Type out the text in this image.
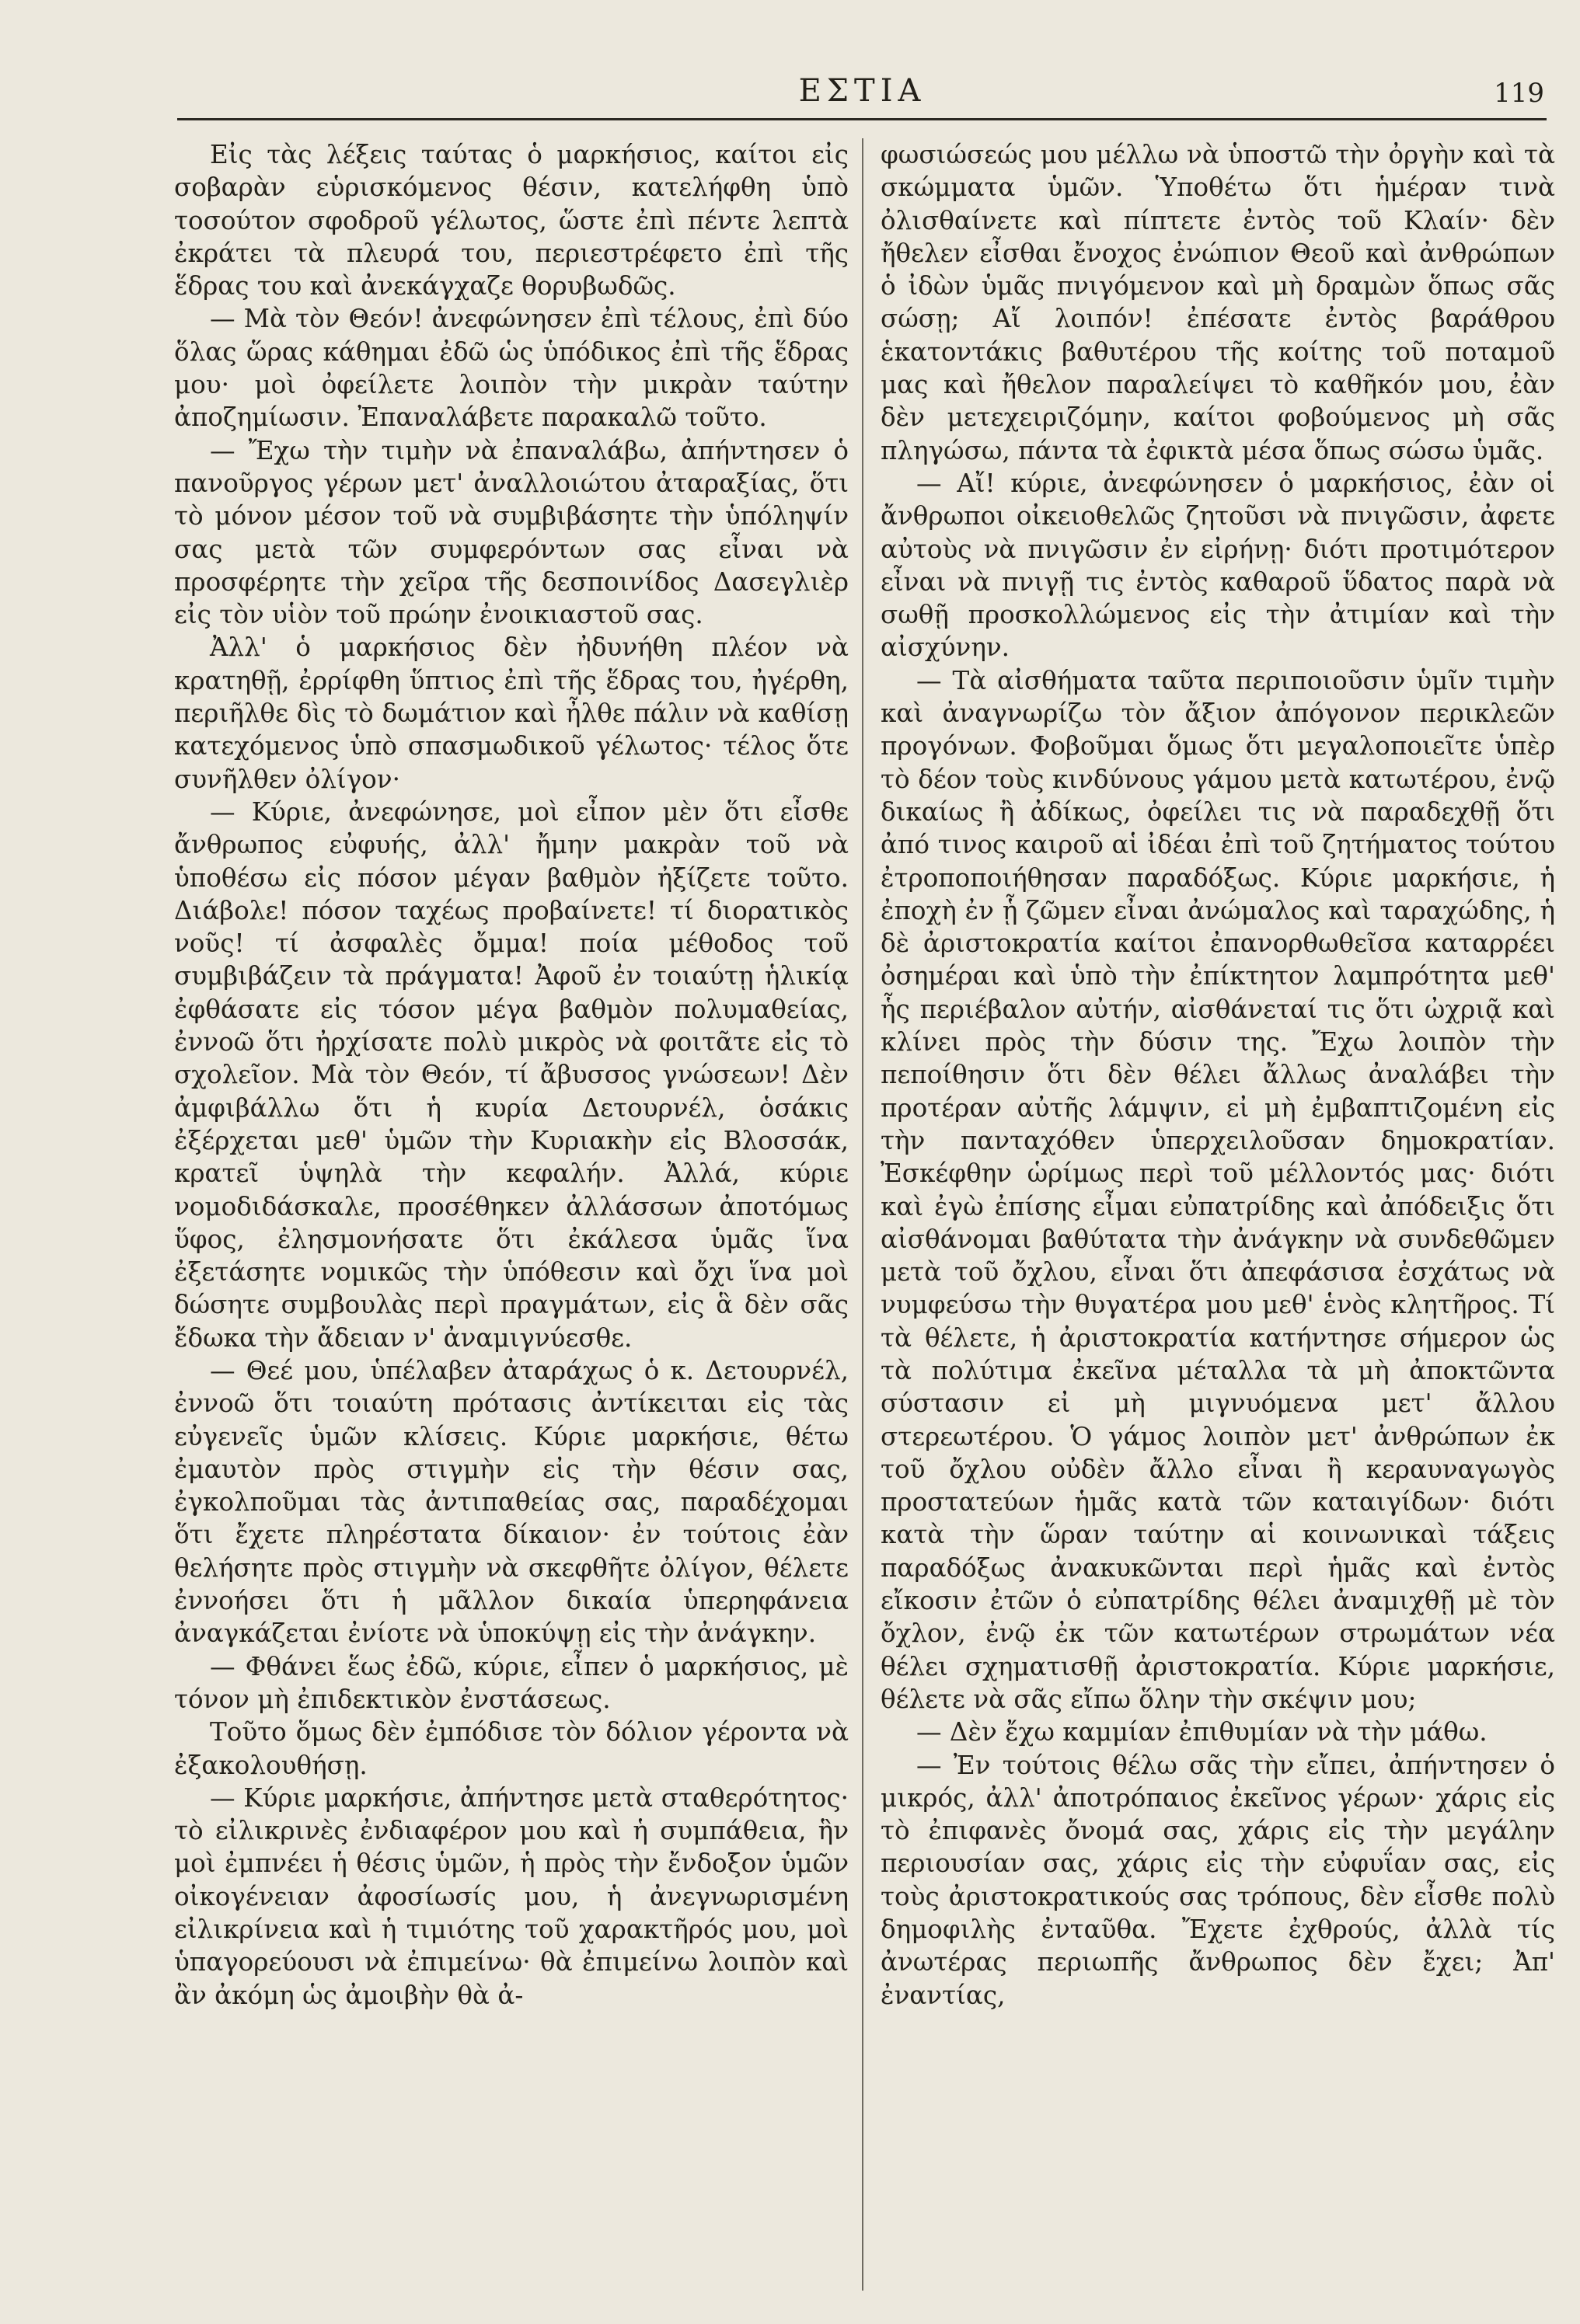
ΕΣΤΙΑ	119

Εἰς τὰς λέξεις ταύτας ὁ μαρκήσιος, καίτοι εἰς σοβαρὰν εὑρισκόμενος θέσιν, κατελήφθη ὑπὸ τοσούτον σφοδροῦ γέλωτος, ὥστε ἐπὶ πέντε λεπτὰ ἐκράτει τὰ πλευρά του, περιεστρέφετο ἐπὶ τῆς ἕδρας του καὶ ἀνεκάγχαζε θορυβωδῶς.

— Μὰ τὸν Θεόν! ἀνεφώνησεν ἐπὶ τέλους, ἐπὶ δύο ὅλας ὥρας κάθημαι ἐδῶ ὡς ὑπόδικος ἐπὶ τῆς ἕδρας μου· μοὶ ὀφείλετε λοιπὸν τὴν μικρὰν ταύτην ἀποζημίωσιν. Ἐπαναλάβετε παρακαλῶ τοῦτο.

— Ἔχω τὴν τιμὴν νὰ ἐπαναλάβω, ἀπήντησεν ὁ πανοῦργος γέρων μετ' ἀναλλοιώτου ἀταραξίας, ὅτι τὸ μόνον μέσον τοῦ νὰ συμβιβάσητε τὴν ὑπόληψίν σας μετὰ τῶν συμφερόντων σας εἶναι νὰ προσφέρητε τὴν χεῖρα τῆς δεσποινίδος Δασεγλιὲρ εἰς τὸν υἱὸν τοῦ πρώην ἐνοικιαστοῦ σας.

Ἀλλ' ὁ μαρκήσιος δὲν ἠδυνήθη πλέον νὰ κρατηθῇ, ἐρρίφθη ὕπτιος ἐπὶ τῆς ἕδρας του, ἠγέρθη, περιῆλθε δὶς τὸ δωμάτιον καὶ ἦλθε πάλιν νὰ καθίσῃ κατεχόμενος ὑπὸ σπασμωδικοῦ γέλωτος· τέλος ὅτε συνῆλθεν ὀλίγον·

— Κύριε, ἀνεφώνησε, μοὶ εἶπον μὲν ὅτι εἶσθε ἄνθρωπος εὐφυής, ἀλλ' ἤμην μακρὰν τοῦ νὰ ὑποθέσω εἰς πόσον μέγαν βαθμὸν ἠξίζετε τοῦτο. Διάβολε! πόσον ταχέως προβαίνετε! τί διορατικὸς νοῦς! τί ἀσφαλὲς ὄμμα! ποία μέθοδος τοῦ συμβιβάζειν τὰ πράγματα! Ἀφοῦ ἐν τοιαύτῃ ἡλικίᾳ ἐφθάσατε εἰς τόσον μέγα βαθμὸν πολυμαθείας, ἐννοῶ ὅτι ἠρχίσατε πολὺ μικρὸς νὰ φοιτᾶτε εἰς τὸ σχολεῖον. Μὰ τὸν Θεόν, τί ἄβυσσος γνώσεων! Δὲν ἀμφιβάλλω ὅτι ἡ κυρία Δετουρνέλ, ὁσάκις ἐξέρχεται μεθ' ὑμῶν τὴν Κυριακὴν εἰς Βλοσσάκ, κρατεῖ ὑψηλὰ τὴν κεφαλήν. Ἀλλά, κύριε νομοδιδάσκαλε, προσέθηκεν ἀλλάσσων ἀποτόμως ὕφος, ἐλησμονήσατε ὅτι ἐκάλεσα ὑμᾶς ἵνα ἐξετάσητε νομικῶς τὴν ὑπόθεσιν καὶ ὄχι ἵνα μοὶ δώσητε συμβουλὰς περὶ πραγμάτων, εἰς ἃ δὲν σᾶς ἔδωκα τὴν ἄδειαν ν' ἀναμιγνύεσθε.

— Θεέ μου, ὑπέλαβεν ἀταράχως ὁ κ. Δετουρνέλ, ἐννοῶ ὅτι τοιαύτη πρότασις ἀντίκειται εἰς τὰς εὐγενεῖς ὑμῶν κλίσεις. Κύριε μαρκήσιε, θέτω ἐμαυτὸν πρὸς στιγμὴν εἰς τὴν θέσιν σας, ἐγκολποῦμαι τὰς ἀντιπαθείας σας, παραδέχομαι ὅτι ἔχετε πληρέστατα δίκαιον· ἐν τούτοις ἐὰν θελήσητε πρὸς στιγμὴν νὰ σκεφθῆτε ὀλίγον, θέλετε ἐννοήσει ὅτι ἡ μᾶλλον δικαία ὑπερηφάνεια ἀναγκάζεται ἐνίοτε νὰ ὑποκύψῃ εἰς τὴν ἀνάγκην.

— Φθάνει ἕως ἐδῶ, κύριε, εἶπεν ὁ μαρκήσιος, μὲ τόνον μὴ ἐπιδεκτικὸν ἐνστάσεως.

Τοῦτο ὅμως δὲν ἐμπόδισε τὸν δόλιον γέροντα νὰ ἐξακολουθήσῃ.

— Κύριε μαρκήσιε, ἀπήντησε μετὰ σταθερότητος· τὸ εἰλικρινὲς ἐνδιαφέρον μου καὶ ἡ συμπάθεια, ἣν μοὶ ἐμπνέει ἡ θέσις ὑμῶν, ἡ πρὸς τὴν ἔνδοξον ὑμῶν οἰκογένειαν ἀφοσίωσίς μου, ἡ ἀνεγνωρισμένη εἰλικρίνεια καὶ ἡ τιμιότης τοῦ χαρακτῆρός μου, μοὶ ὑπαγορεύουσι νὰ ἐπιμείνω· θὰ ἐπιμείνω λοιπὸν καὶ ἂν ἀκόμη ὡς ἀμοιβὴν θὰ ἀ-

φωσιώσεώς μου μέλλω νὰ ὑποστῶ τὴν ὀργὴν καὶ τὰ σκώμματα ὑμῶν. Ὑποθέτω ὅτι ἡμέραν τινὰ ὀλισθαίνετε καὶ πίπτετε ἐντὸς τοῦ Κλαίν· δὲν ἤθελεν εἶσθαι ἔνοχος ἐνώπιον Θεοῦ καὶ ἀνθρώπων ὁ ἰδὼν ὑμᾶς πνιγόμενον καὶ μὴ δραμὼν ὅπως σᾶς σώσῃ; Αἴ λοιπόν! ἐπέσατε ἐντὸς βαράθρου ἑκατοντάκις βαθυτέρου τῆς κοίτης τοῦ ποταμοῦ μας καὶ ἤθελον παραλείψει τὸ καθῆκόν μου, ἐὰν δὲν μετεχειριζόμην, καίτοι φοβούμενος μὴ σᾶς πληγώσω, πάντα τὰ ἐφικτὰ μέσα ὅπως σώσω ὑμᾶς.

— Αἴ! κύριε, ἀνεφώνησεν ὁ μαρκήσιος, ἐὰν οἱ ἄνθρωποι οἰκειοθελῶς ζητοῦσι νὰ πνιγῶσιν, ἀφετε αὐτοὺς νὰ πνιγῶσιν ἐν εἰρήνῃ· διότι προτιμότερον εἶναι νὰ πνιγῇ τις ἐντὸς καθαροῦ ὕδατος παρὰ νὰ σωθῇ προσκολλώμενος εἰς τὴν ἀτιμίαν καὶ τὴν αἰσχύνην.

— Τὰ αἰσθήματα ταῦτα περιποιοῦσιν ὑμῖν τιμὴν καὶ ἀναγνωρίζω τὸν ἄξιον ἀπόγονον περικλεῶν προγόνων. Φοβοῦμαι ὅμως ὅτι μεγαλοποιεῖτε ὑπὲρ τὸ δέον τοὺς κινδύνους γάμου μετὰ κατωτέρου, ἐνῷ δικαίως ἢ ἀδίκως, ὀφείλει τις νὰ παραδεχθῇ ὅτι ἀπό τινος καιροῦ αἱ ἰδέαι ἐπὶ τοῦ ζητήματος τούτου ἐτροποποιήθησαν παραδόξως. Κύριε μαρκήσιε, ἡ ἐποχὴ ἐν ᾗ ζῶμεν εἶναι ἀνώμαλος καὶ ταραχώδης, ἡ δὲ ἀριστοκρατία καίτοι ἐπανορθωθεῖσα καταρρέει ὀσημέραι καὶ ὑπὸ τὴν ἐπίκτητον λαμπρότητα μεθ' ἧς περιέβαλον αὐτήν, αἰσθάνεταί τις ὅτι ὠχριᾷ καὶ κλίνει πρὸς τὴν δύσιν της. Ἔχω λοιπὸν τὴν πεποίθησιν ὅτι δὲν θέλει ἄλλως ἀναλάβει τὴν προτέραν αὐτῆς λάμψιν, εἰ μὴ ἐμβαπτιζομένη εἰς τὴν πανταχόθεν ὑπερχειλοῦσαν δημοκρατίαν. Ἐσκέφθην ὡρίμως περὶ τοῦ μέλλοντός μας· διότι καὶ ἐγὼ ἐπίσης εἶμαι εὐπατρίδης καὶ ἀπόδειξις ὅτι αἰσθάνομαι βαθύτατα τὴν ἀνάγκην νὰ συνδεθῶμεν μετὰ τοῦ ὄχλου, εἶναι ὅτι ἀπεφάσισα ἐσχάτως νὰ νυμφεύσω τὴν θυγατέρα μου μεθ' ἑνὸς κλητῆρος. Τί τὰ θέλετε, ἡ ἀριστοκρατία κατήντησε σήμερον ὡς τὰ πολύτιμα ἐκεῖνα μέταλλα τὰ μὴ ἀποκτῶντα σύστασιν εἰ μὴ μιγνυόμενα μετ' ἄλλου στερεωτέρου. Ὁ γάμος λοιπὸν μετ' ἀνθρώπων ἐκ τοῦ ὄχλου οὐδὲν ἄλλο εἶναι ἢ κεραυναγωγὸς προστατεύων ἡμᾶς κατὰ τῶν καταιγίδων· διότι κατὰ τὴν ὥραν ταύτην αἱ κοινωνικαὶ τάξεις παραδόξως ἀνακυκῶνται περὶ ἡμᾶς καὶ ἐντὸς εἴκοσιν ἐτῶν ὁ εὐπατρίδης θέλει ἀναμιχθῇ μὲ τὸν ὄχλον, ἐνῷ ἐκ τῶν κατωτέρων στρωμάτων νέα θέλει σχηματισθῇ ἀριστοκρατία. Κύριε μαρκήσιε, θέλετε νὰ σᾶς εἴπω ὅλην τὴν σκέψιν μου;

— Δὲν ἔχω καμμίαν ἐπιθυμίαν νὰ τὴν μάθω.

— Ἐν τούτοις θέλω σᾶς τὴν εἴπει, ἀπήντησεν ὁ μικρός, ἀλλ' ἀποτρόπαιος ἐκεῖνος γέρων· χάρις εἰς τὸ ἐπιφανὲς ὄνομά σας, χάρις εἰς τὴν μεγάλην περιουσίαν σας, χάρις εἰς τὴν εὐφυΐαν σας, εἰς τοὺς ἀριστοκρατικούς σας τρόπους, δὲν εἶσθε πολὺ δημοφιλὴς ἐνταῦθα. Ἔχετε ἐχθρούς, ἀλλὰ τίς ἀνωτέρας περιωπῆς ἄνθρωπος δὲν ἔχει; Ἀπ' ἐναντίας,
